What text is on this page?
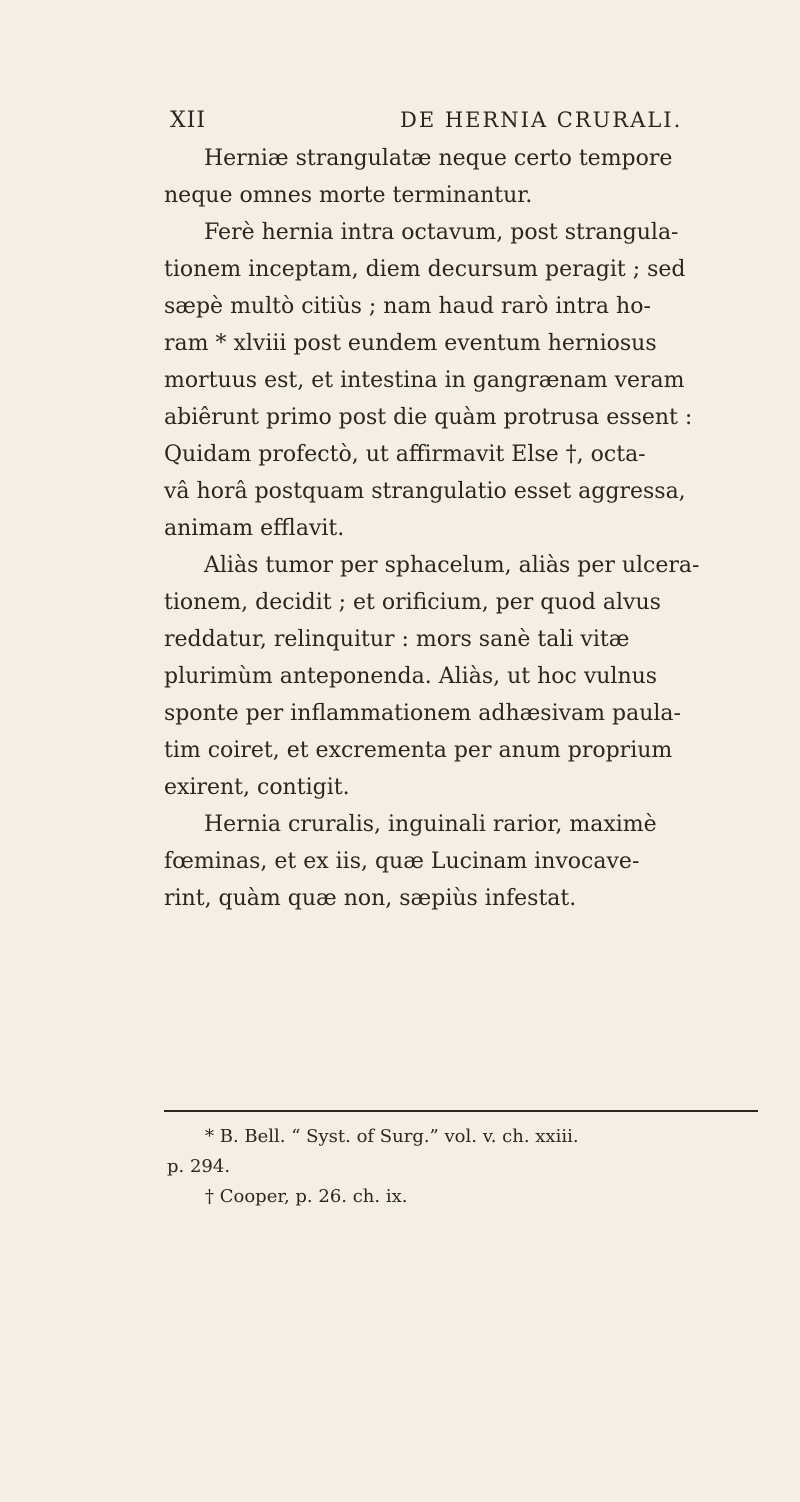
XII	DE HERNIA CRURALI.
Herniæ strangulatæ neque certo tempore
neque omnes morte terminantur.
Ferè hernia intra octavum, post strangula-
tionem inceptam, diem decursum peragit ; sed
sæpè multò citiùs ; nam haud rarò intra ho-
ram * xlviii post eundem eventum herniosus
mortuus est, et intestina in gangrænam veram
abiêrunt primo post die quàm protrusa essent :
Quidam profectò, ut affirmavit Else †, octa-
vâ horâ postquam strangulatio esset aggressa,
animam efflavit.
Aliàs tumor per sphacelum, aliàs per ulcera-
tionem, decidit ; et orificium, per quod alvus
reddatur, relinquitur : mors sanè tali vitæ
plurimùm anteponenda. Aliàs, ut hoc vulnus
sponte per inflammationem adhæsivam paula-
tim coiret, et excrementa per anum proprium
exirent, contigit.
Hernia cruralis, inguinali rarior, maximè
fœminas, et ex iis, quæ Lucinam invocave-
rint, quàm quæ non, sæpiùs infestat.
* B. Bell. “ Syst. of Surg.” vol. v. ch. xxiii.
p. 294.
† Cooper, p. 26. ch. ix.
